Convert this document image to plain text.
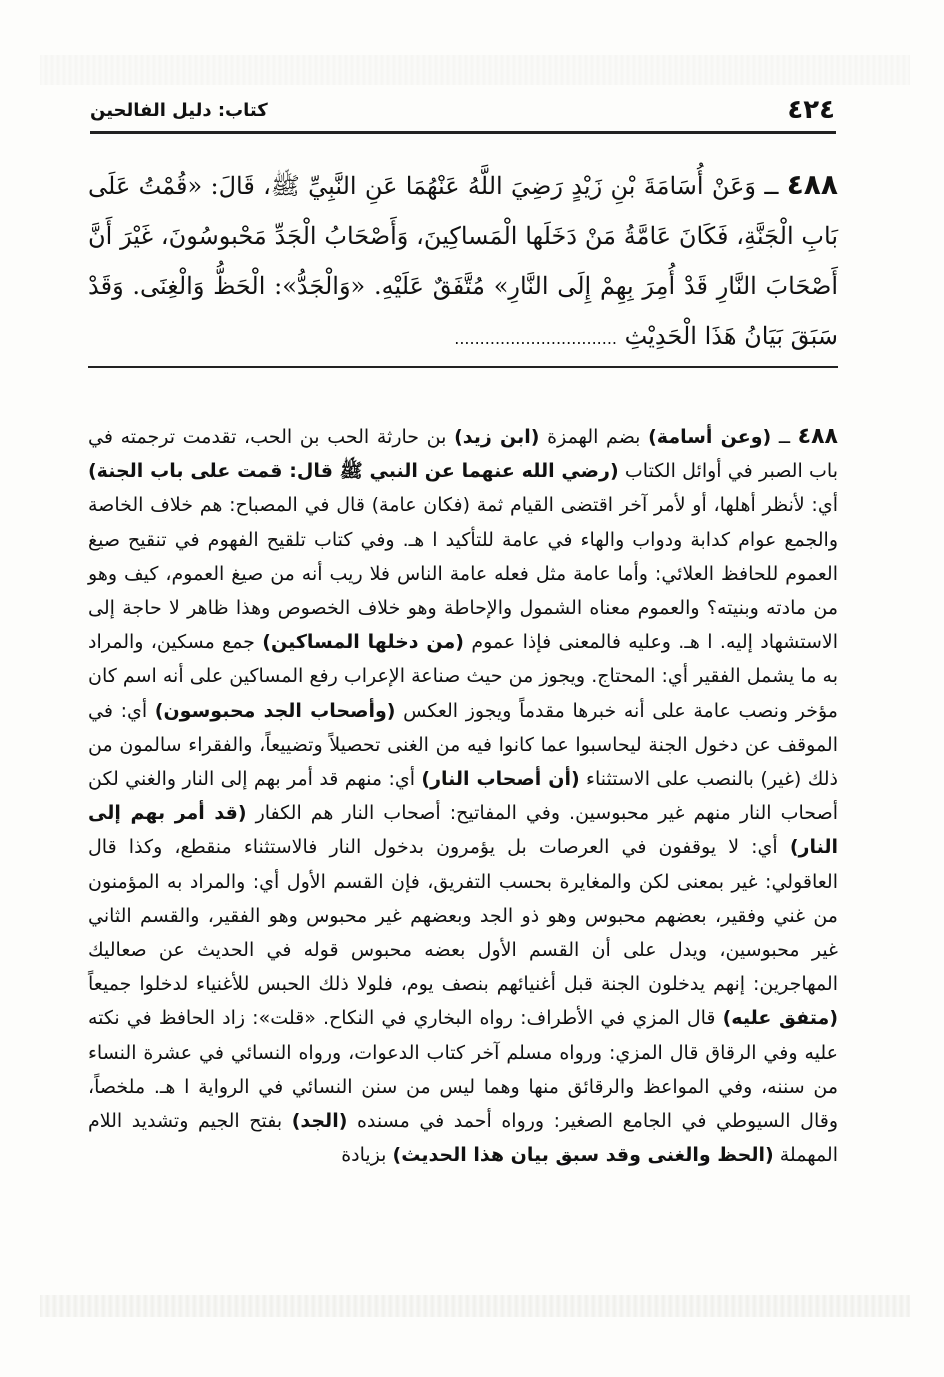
٤٢٤
كتاب: دليل الفالحين
٤٨٨ ــ وَعَنْ أُسَامَةَ بْنِ زَيْدٍ رَضِيَ اللَّهُ عَنْهُمَا عَنِ النَّبِيِّ ﷺ، قَالَ: «قُمْتُ عَلَى بَابِ الْجَنَّةِ، فَكَانَ عَامَّةُ مَنْ دَخَلَها الْمَساكِينَ، وَأَصْحَابُ الْجَدِّ مَحْبوسُونَ، غَيْرَ أَنَّ أَصْحَابَ النَّارِ قَدْ أُمِرَ بِهِمْ إِلَى النَّارِ» مُتَّفَقٌ عَلَيْهِ. «وَالْجَدُّ»: الْحَظُّ وَالْغِنَى. وَقَدْ سَبَقَ بَيَانُ هَذَا الْحَدِيْثِ ................................
٤٨٨ ــ (وعن أسامة) بضم الهمزة (ابن زيد) بن حارثة الحب بن الحب، تقدمت ترجمته في باب الصبر في أوائل الكتاب (رضي الله عنهما عن النبي ﷺ قال: قمت على باب الجنة) أي: لأنظر أهلها، أو لأمر آخر اقتضى القيام ثمة (فكان عامة) قال في المصباح: هم خلاف الخاصة والجمع عوام كدابة ودواب والهاء في عامة للتأكيد ا هـ. وفي كتاب تلقيح الفهوم في تنقيح صيغ العموم للحافظ العلائي: وأما عامة مثل فعله عامة الناس فلا ريب أنه من صيغ العموم، كيف وهو من مادته وبنيته؟ والعموم معناه الشمول والإحاطة وهو خلاف الخصوص وهذا ظاهر لا حاجة إلى الاستشهاد إليه. ا هـ. وعليه فالمعنى فإذا عموم (من دخلها المساكين) جمع مسكين، والمراد به ما يشمل الفقير أي: المحتاج. ويجوز من حيث صناعة الإعراب رفع المساكين على أنه اسم كان مؤخر ونصب عامة على أنه خبرها مقدماً ويجوز العكس (وأصحاب الجد محبوسون) أي: في الموقف عن دخول الجنة ليحاسبوا عما كانوا فيه من الغنى تحصيلاً وتضييعاً، والفقراء سالمون من ذلك (غير) بالنصب على الاستثناء (أن أصحاب النار) أي: منهم قد أمر بهم إلى النار والغني لكن أصحاب النار منهم غير محبوسين. وفي المفاتيح: أصحاب النار هم الكفار (قد أمر بهم إلى النار) أي: لا يوقفون في العرصات بل يؤمرون بدخول النار فالاستثناء منقطع، وكذا قال العاقولي: غير بمعنى لكن والمغايرة بحسب التفريق، فإن القسم الأول أي: والمراد به المؤمنون من غني وفقير، بعضهم محبوس وهو ذو الجد وبعضهم غير محبوس وهو الفقير، والقسم الثاني غير محبوسين، ويدل على أن القسم الأول بعضه محبوس قوله في الحديث عن صعاليك المهاجرين: إنهم يدخلون الجنة قبل أغنيائهم بنصف يوم، فلولا ذلك الحبس للأغنياء لدخلوا جميعاً (متفق عليه) قال المزي في الأطراف: رواه البخاري في النكاح. «قلت»: زاد الحافظ في نكته عليه وفي الرقاق قال المزي: ورواه مسلم آخر كتاب الدعوات، ورواه النسائي في عشرة النساء من سننه، وفي المواعظ والرقائق منها وهما ليس من سنن النسائي في الرواية ا هـ. ملخصاً، وقال السيوطي في الجامع الصغير: ورواه أحمد في مسنده (الجد) بفتح الجيم وتشديد اللام المهملة (الحظ والغنى وقد سبق بيان هذا الحديث) بزيادة
